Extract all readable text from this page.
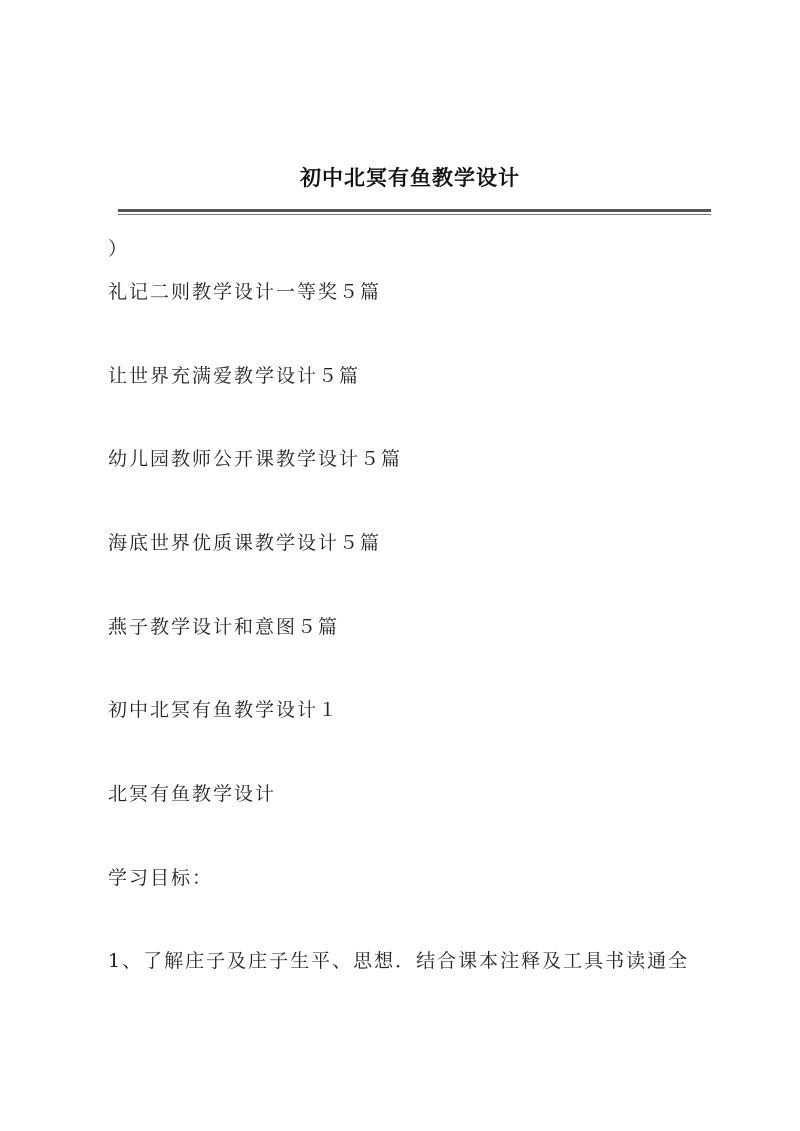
初中北冥有鱼教学设计
）
礼记二则教学设计一等奖５篇
让世界充满爱教学设计５篇
幼儿园教师公开课教学设计５篇
海底世界优质课教学设计５篇
燕子教学设计和意图５篇
初中北冥有鱼教学设计１
北冥有鱼教学设计
学习目标：
1、了解庄子及庄子生平、思想．结合课本注释及工具书读通全
